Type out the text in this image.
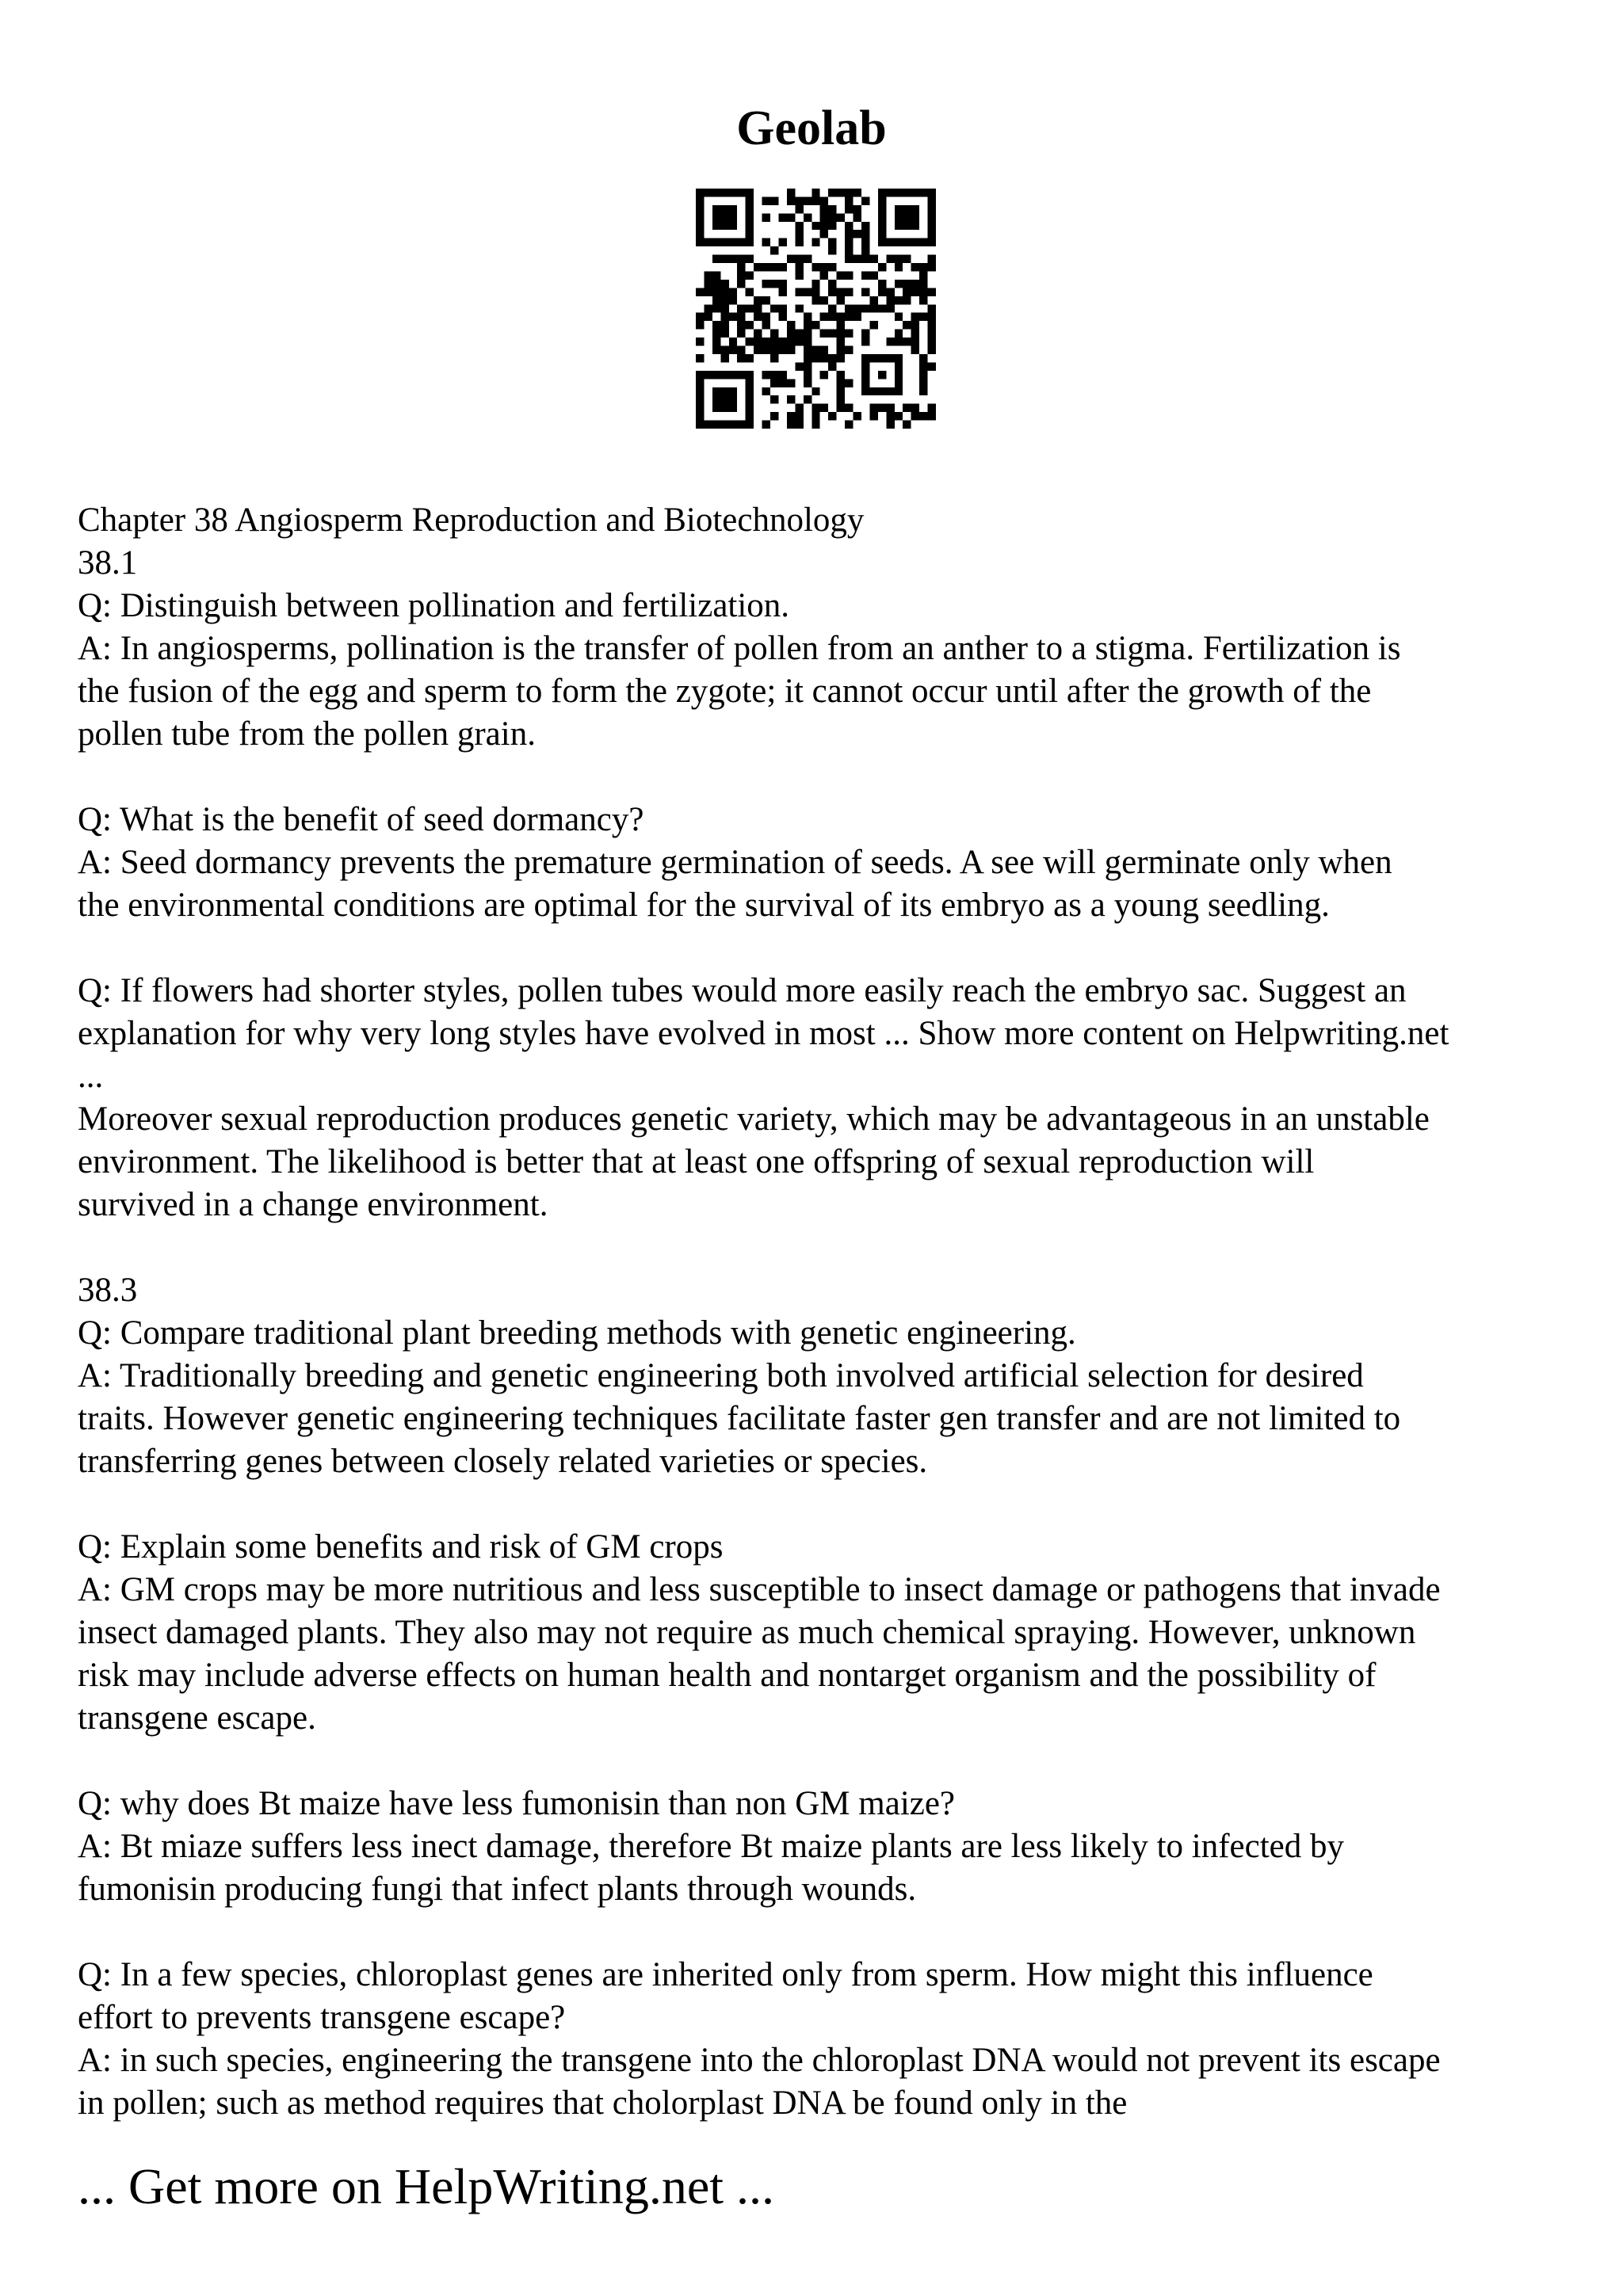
Geolab
Chapter 38 Angiosperm Reproduction and Biotechnology
38.1
Q: Distinguish between pollination and fertilization.
A: In angiosperms, pollination is the transfer of pollen from an anther to a stigma. Fertilization is
the fusion of the egg and sperm to form the zygote; it cannot occur until after the growth of the
pollen tube from the pollen grain.
Q: What is the benefit of seed dormancy?
A: Seed dormancy prevents the premature germination of seeds. A see will germinate only when
the environmental conditions are optimal for the survival of its embryo as a young seedling.
Q: If flowers had shorter styles, pollen tubes would more easily reach the embryo sac. Suggest an
explanation for why very long styles have evolved in most ... Show more content on Helpwriting.net
...
Moreover sexual reproduction produces genetic variety, which may be advantageous in an unstable
environment. The likelihood is better that at least one offspring of sexual reproduction will
survived in a change environment.
38.3
Q: Compare traditional plant breeding methods with genetic engineering.
A: Traditionally breeding and genetic engineering both involved artificial selection for desired
traits. However genetic engineering techniques facilitate faster gen transfer and are not limited to
transferring genes between closely related varieties or species.
Q: Explain some benefits and risk of GM crops
A: GM crops may be more nutritious and less susceptible to insect damage or pathogens that invade
insect damaged plants. They also may not require as much chemical spraying. However, unknown
risk may include adverse effects on human health and nontarget organism and the possibility of
transgene escape.
Q: why does Bt maize have less fumonisin than non GM maize?
A: Bt miaze suffers less inect damage, therefore Bt maize plants are less likely to infected by
fumonisin producing fungi that infect plants through wounds.
Q: In a few species, chloroplast genes are inherited only from sperm. How might this influence
effort to prevents transgene escape?
A: in such species, engineering the transgene into the chloroplast DNA would not prevent its escape
in pollen; such as method requires that cholorplast DNA be found only in the
... Get more on HelpWriting.net ...
